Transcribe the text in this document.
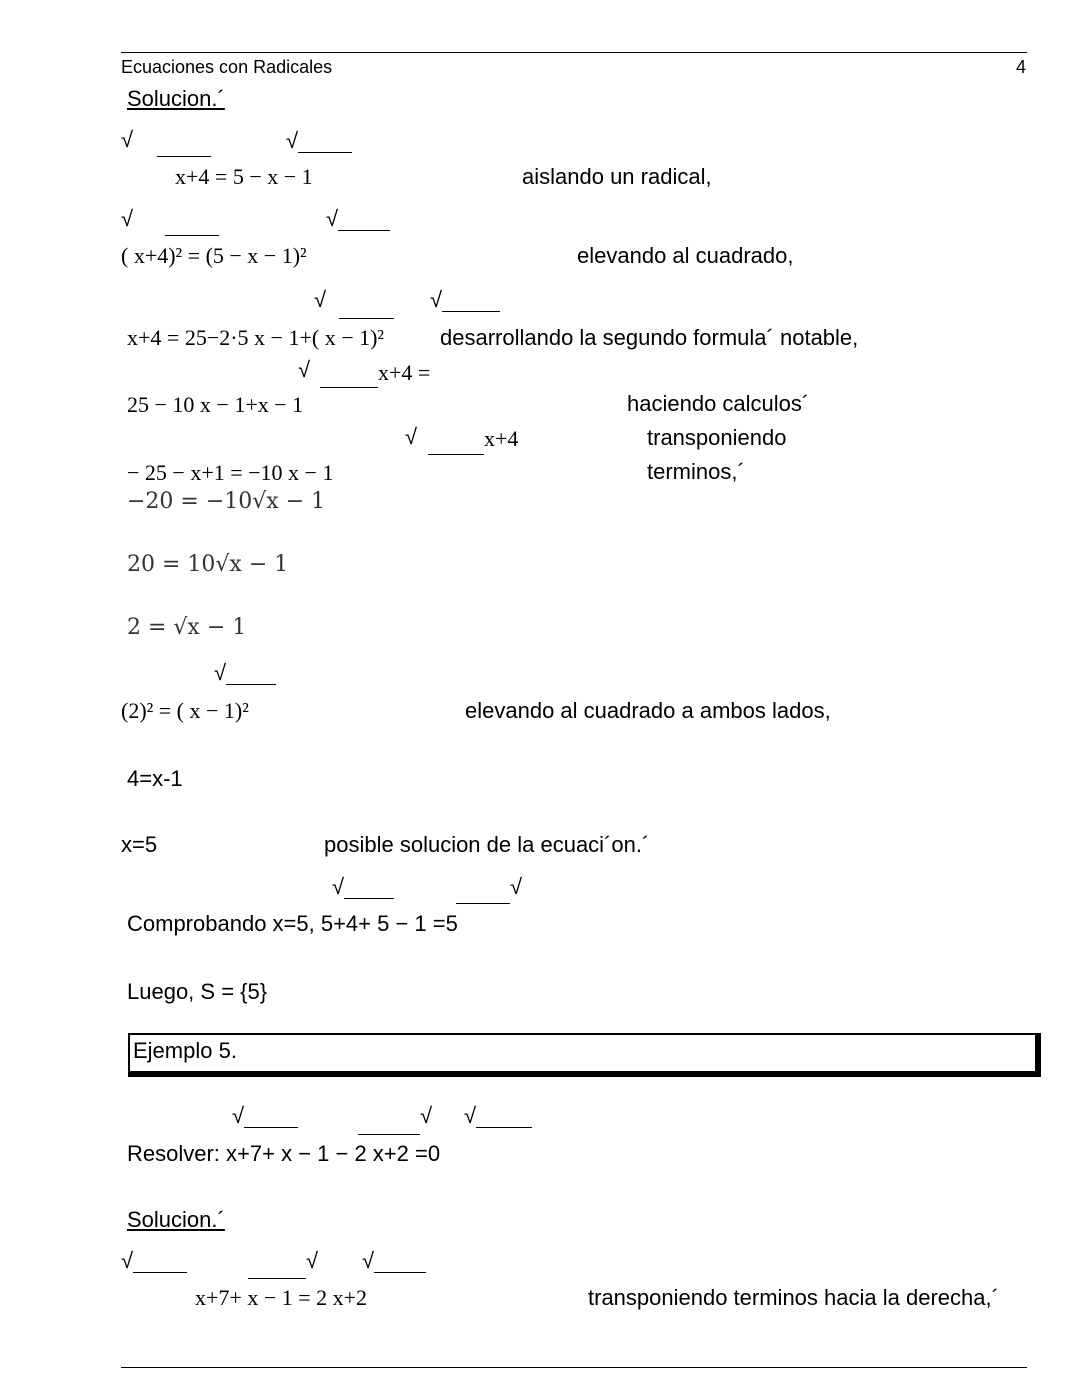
Ecuaciones con Radicales	4
Solucion.´
√	√
x+4 = 5 − x − 1	aislando un radical,
√	√
( x+4)² = (5 − x − 1)²	elevando al cuadrado,
√	√
x+4 = 25−2·5 x − 1+( x − 1)²	desarrollando la segundo formula´ notable,
√	x+4 =
25 − 10 x − 1+x − 1	haciendo calculos´
√	x+4	transponiendo
terminos,´
− 25 − x+1 = −10 x − 1
−20 = −10√x − 1
20 = 10√x − 1
2 = √x − 1
√
(2)² = ( x − 1)²	elevando al cuadrado a ambos lados,
4=x-1
x=5	posible solucion de la ecuaci´on.´
√	√
Comprobando x=5, 5+4+ 5 − 1 =5
Luego, S = {5}
Ejemplo 5.
√	√ √
Resolver: x+7+ x − 1 − 2 x+2 =0
Solucion.´
√	√ √
x+7+ x − 1 = 2 x+2	transponiendo terminos hacia la derecha,´
